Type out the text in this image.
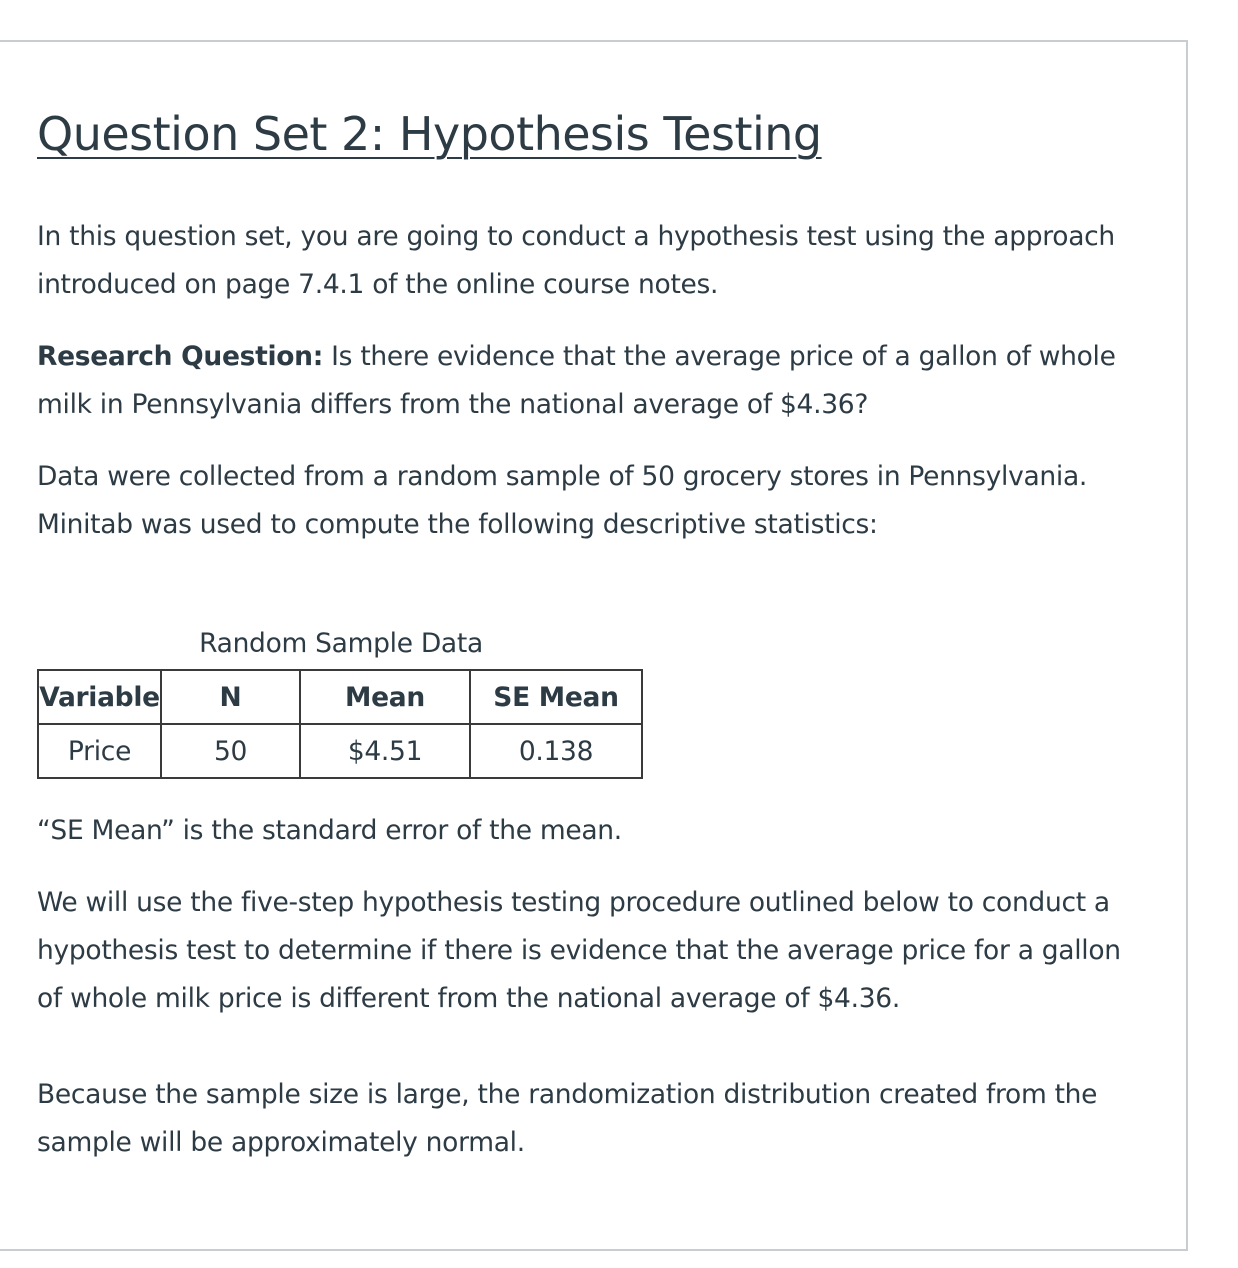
Question Set 2: Hypothesis Testing

In this question set, you are going to conduct a hypothesis test using the approach introduced on page 7.4.1 of the online course notes.

Research Question: Is there evidence that the average price of a gallon of whole milk in Pennsylvania differs from the national average of $4.36?

Data were collected from a random sample of 50 grocery stores in Pennsylvania. Minitab was used to compute the following descriptive statistics:

Random Sample Data
Variable	N	Mean	SE Mean
Price	50	$4.51	0.138

“SE Mean” is the standard error of the mean.

We will use the five-step hypothesis testing procedure outlined below to conduct a hypothesis test to determine if there is evidence that the average price for a gallon of whole milk price is different from the national average of $4.36.

Because the sample size is large, the randomization distribution created from the sample will be approximately normal.
